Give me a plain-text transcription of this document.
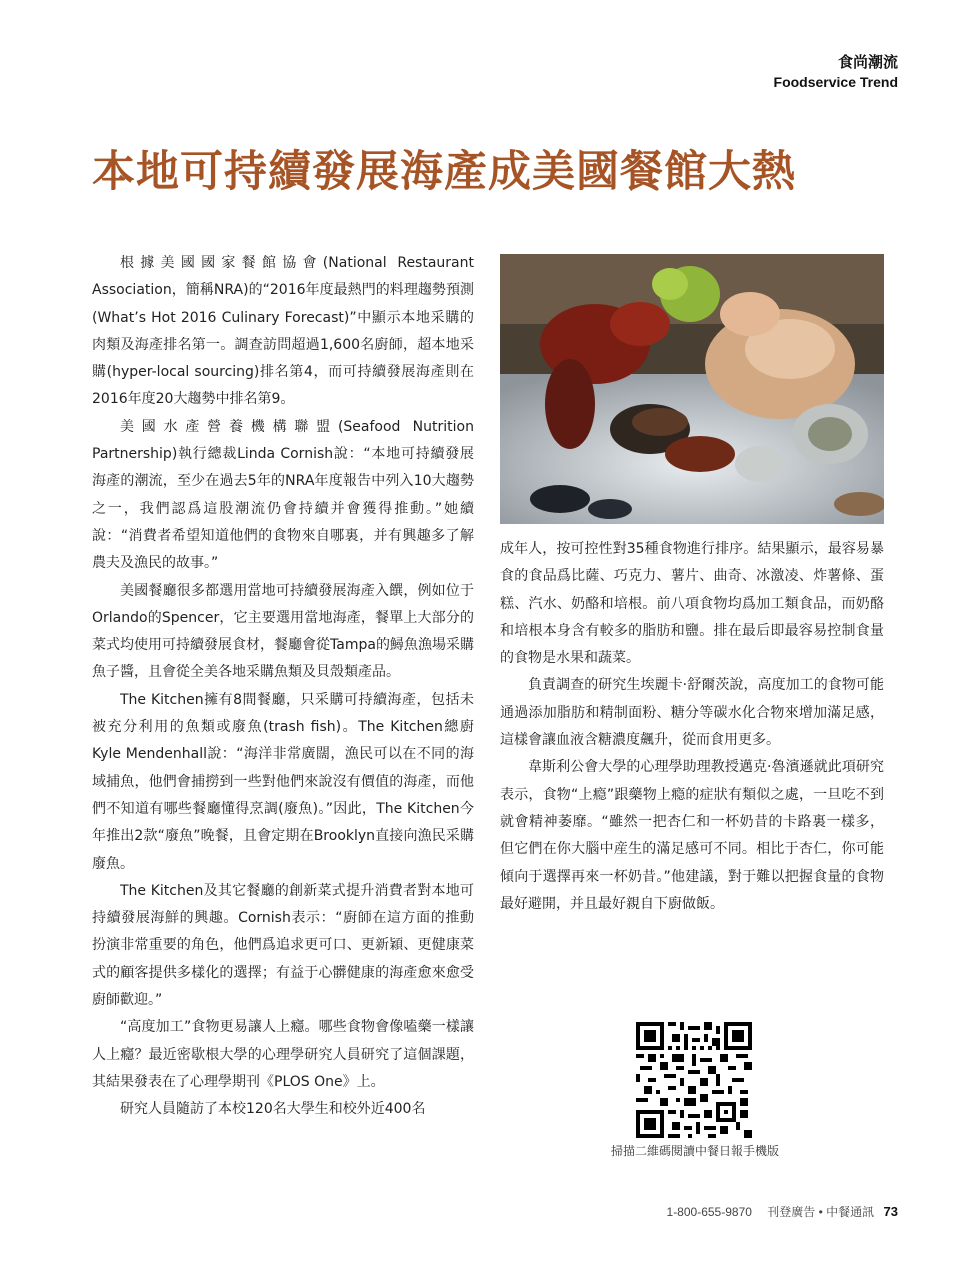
食尚潮流
Foodservice Trend
本地可持續發展海產成美國餐館大熱

根據美國國家餐館協會(National Restaurant Association，簡稱NRA)的“2016年度最熱門的料理趨勢預測(What’s Hot 2016 Culinary Forecast)”中顯示本地采購的肉類及海產排名第一。調查訪問超過1,600名廚師，超本地采購(hyper-local sourcing)排名第4，而可持續發展海產則在2016年度20大趨勢中排名第9。

美國水產營養機構聯盟(Seafood Nutrition Partnership)執行總裁Linda Cornish說：“本地可持續發展海產的潮流，至少在過去5年的NRA年度報告中列入10大趨勢之一，我們認爲這股潮流仍會持續并會獲得推動。”她續說：“消費者希望知道他們的食物來自哪裏，并有興趣多了解農夫及漁民的故事。”

美國餐廳很多都選用當地可持續發展海產入饌，例如位于Orlando的Spencer，它主要選用當地海產，餐單上大部分的菜式均使用可持續發展食材，餐廳會從Tampa的鱘魚漁場采購魚子醬，且會從全美各地采購魚類及貝殼類產品。

The Kitchen擁有8間餐廳，只采購可持續海產，包括未被充分利用的魚類或廢魚(trash fish)。The Kitchen總廚Kyle Mendenhall說：“海洋非常廣闊，漁民可以在不同的海域捕魚，他們會捕撈到一些對他們來說沒有價值的海產，而他們不知道有哪些餐廳懂得烹調(廢魚)。”因此，The Kitchen今年推出2款“廢魚”晚餐，且會定期在Brooklyn直接向漁民采購廢魚。

The Kitchen及其它餐廳的創新菜式提升消費者對本地可持續發展海鮮的興趣。Cornish表示：“廚師在這方面的推動扮演非常重要的角色，他們爲追求更可口、更新穎、更健康菜式的顧客提供多樣化的選擇；有益于心髒健康的海產愈來愈受廚師歡迎。”

“高度加工”食物更易讓人上癮。哪些食物會像嗑藥一樣讓人上癮？最近密歇根大學的心理學研究人員研究了這個課題，其結果發表在了心理學期刊《PLOS One》上。

研究人員隨訪了本校120名大學生和校外近400名

成年人，按可控性對35種食物進行排序。結果顯示，最容易暴食的食品爲比薩、巧克力、薯片、曲奇、冰激凌、炸薯條、蛋糕、汽水、奶酪和培根。前八項食物均爲加工類食品，而奶酪和培根本身含有較多的脂肪和鹽。排在最后即最容易控制食量的食物是水果和蔬菜。

負責調查的研究生埃麗卡·舒爾茨說，高度加工的食物可能通過添加脂肪和精制面粉、糖分等碳水化合物來增加滿足感，這樣會讓血液含糖濃度飆升，從而食用更多。

韋斯利公會大學的心理學助理教授邁克·魯濱遜就此項研究表示，食物“上瘾”跟藥物上瘾的症狀有類似之處，一旦吃不到就會精神萎靡。“雖然一把杏仁和一杯奶昔的卡路裏一樣多，但它們在你大腦中産生的滿足感可不同。相比于杏仁，你可能傾向于選擇再來一杯奶昔。”他建議，對于難以把握食量的食物最好避開，并且最好親自下廚做飯。

掃描二維碼閱讀中餐日報手機版
1-800-655-9870 刊登廣告 • 中餐通訊 73
